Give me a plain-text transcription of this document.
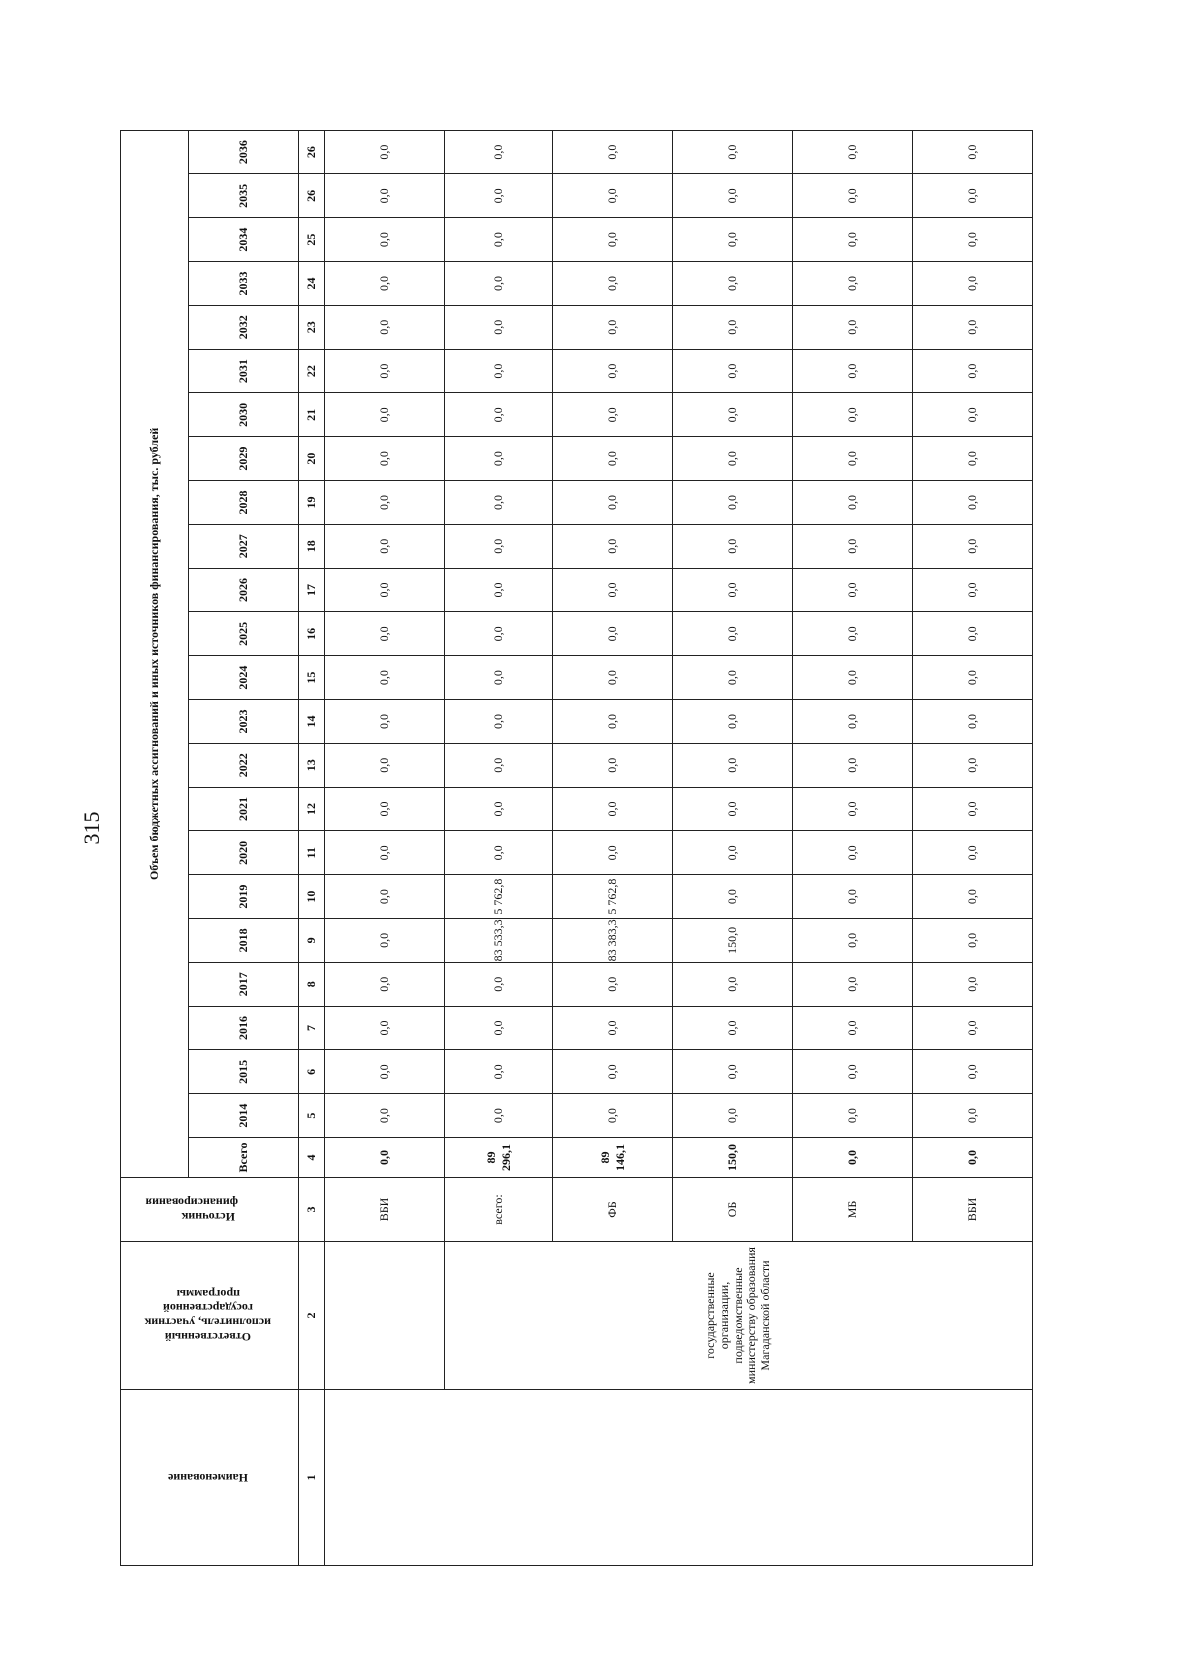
315
Наименование	Ответственный исполнитель, участник государственной программы	Источник финансирования	Объем бюджетных ассигнований и иных источников финансирования, тыс. рублей																							
			Всего	2014	2015	2016	2017	2018	2019	2020	2021	2022	2023	2024	2025	2026	2027	2028	2029	2030	2031	2032	2033	2034	2035	2036
1	2	3	4	5	6	7	8	9	10	11	12	13	14	15	16	17	18	19	20	21	22	23	24	25	26	26
		ВБИ	0,0	0,0	0,0	0,0	0,0	0,0	0,0	0,0	0,0	0,0	0,0	0,0	0,0	0,0	0,0	0,0	0,0	0,0	0,0	0,0	0,0	0,0	0,0	0,0
	государственные организации, подведомственные министерству образования Магаданской области	всего:	89 296,1	0,0	0,0	0,0	0,0	83 533,3	5 762,8	0,0	0,0	0,0	0,0	0,0	0,0	0,0	0,0	0,0	0,0	0,0	0,0	0,0	0,0	0,0	0,0	0,0
		ФБ	89 146,1	0,0	0,0	0,0	0,0	83 383,3	5 762,8	0,0	0,0	0,0	0,0	0,0	0,0	0,0	0,0	0,0	0,0	0,0	0,0	0,0	0,0	0,0	0,0	0,0
		ОБ	150,0	0,0	0,0	0,0	0,0	150,0	0,0	0,0	0,0	0,0	0,0	0,0	0,0	0,0	0,0	0,0	0,0	0,0	0,0	0,0	0,0	0,0	0,0	0,0
		МБ	0,0	0,0	0,0	0,0	0,0	0,0	0,0	0,0	0,0	0,0	0,0	0,0	0,0	0,0	0,0	0,0	0,0	0,0	0,0	0,0	0,0	0,0	0,0	0,0
		ВБИ	0,0	0,0	0,0	0,0	0,0	0,0	0,0	0,0	0,0	0,0	0,0	0,0	0,0	0,0	0,0	0,0	0,0	0,0	0,0	0,0	0,0	0,0	0,0	0,0
